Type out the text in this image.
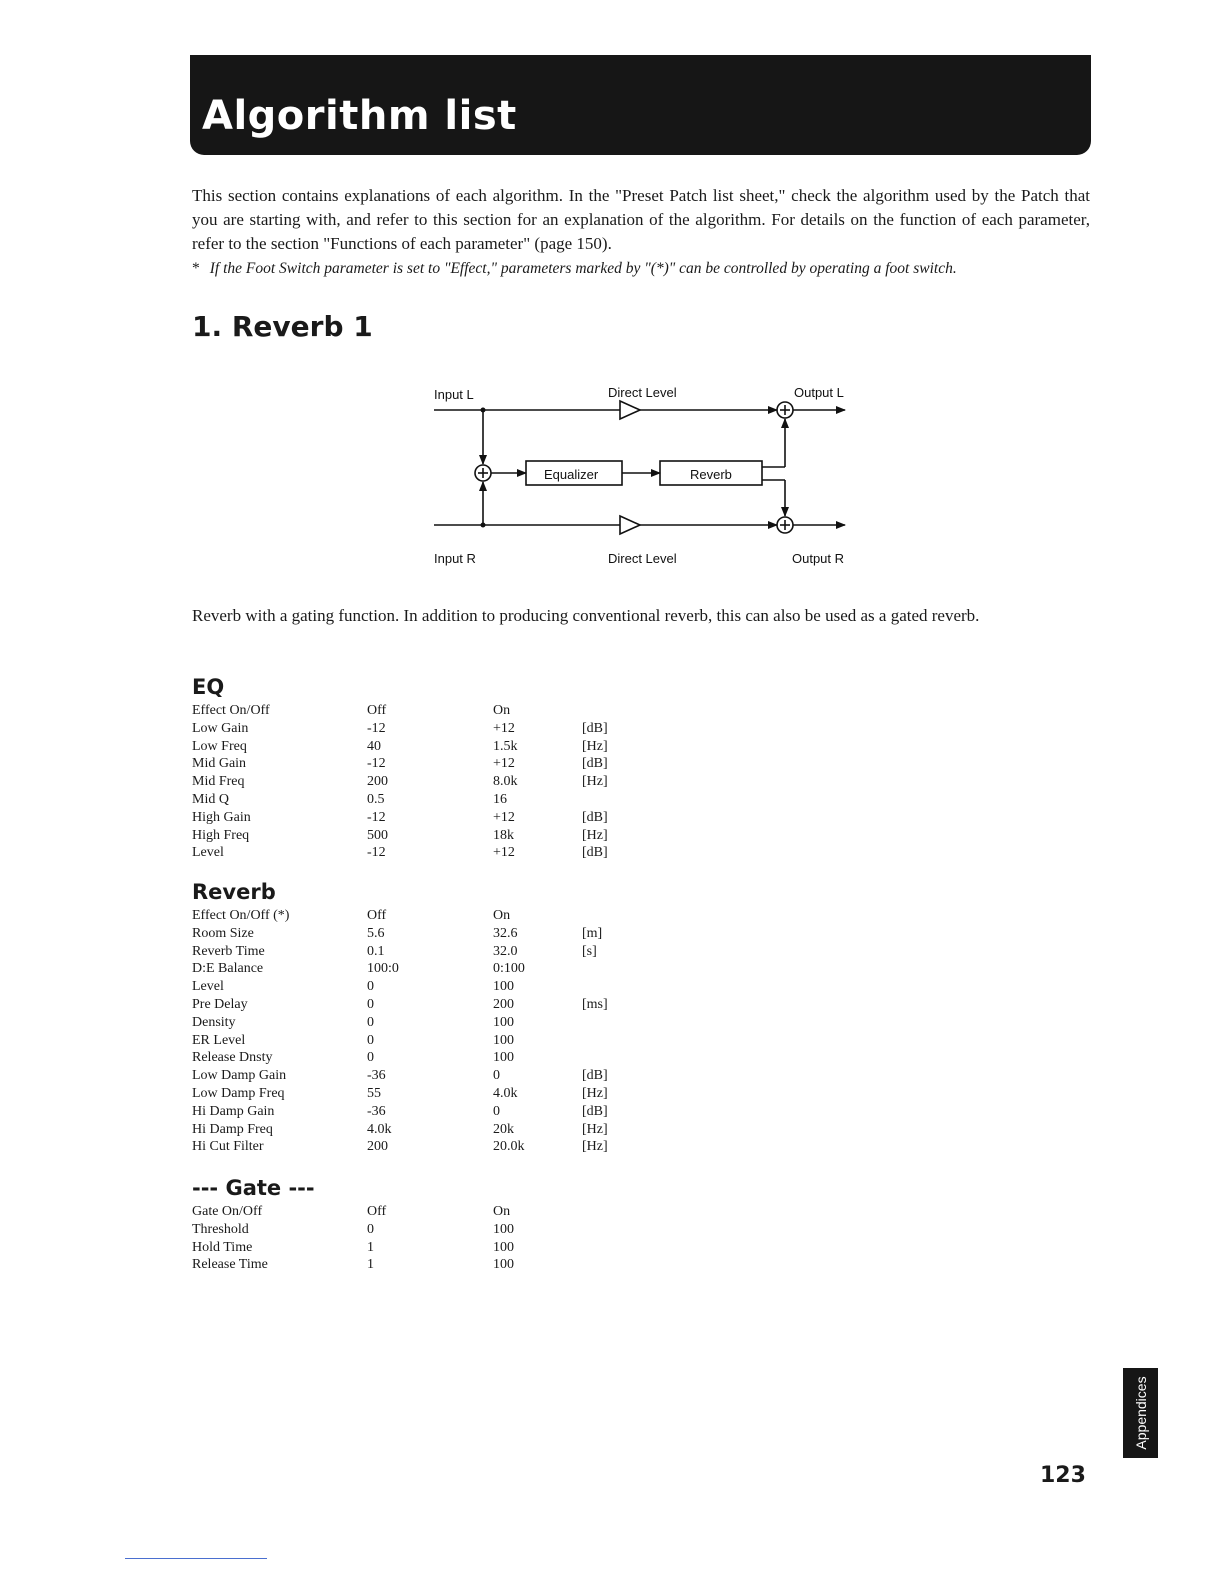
Algorithm list

This section contains explanations of each algorithm. In the "Preset Patch list sheet," check the algorithm used by the Patch that you are starting with, and refer to this section for an explanation of the algorithm. For details on the function of each parameter, refer to the section "Functions of each parameter" (page 150).

* If the Foot Switch parameter is set to "Effect," parameters marked by "(*)" can be controlled by operating a foot switch.

1. Reverb 1
Input L	Direct Level	Output L
Equalizer	Reverb
Input R	Direct Level	Output R

Reverb with a gating function. In addition to producing conventional reverb, this can also be used as a gated reverb.

EQ
Effect On/Off	Off	On
Low Gain	-12	+12	[dB]
Low Freq	40	1.5k	[Hz]
Mid Gain	-12	+12	[dB]
Mid Freq	200	8.0k	[Hz]
Mid Q	0.5	16
High Gain	-12	+12	[dB]
High Freq	500	18k	[Hz]
Level	-12	+12	[dB]
Reverb
Effect On/Off (*)	Off	On
Room Size	5.6	32.6	[m]
Reverb Time	0.1	32.0	[s]
D:E Balance	100:0	0:100
Level	0	100
Pre Delay	0	200	[ms]
Density	0	100
ER Level	0	100
Release Dnsty	0	100
Low Damp Gain	-36	0	[dB]
Low Damp Freq	55	4.0k	[Hz]
Hi Damp Gain	-36	0	[dB]
Hi Damp Freq	4.0k	20k	[Hz]
Hi Cut Filter	200	20.0k	[Hz]
--- Gate ---
Gate On/Off	Off	On
Threshold	0	100
Hold Time	1	100
Release Time	1	100
Appendices

123
